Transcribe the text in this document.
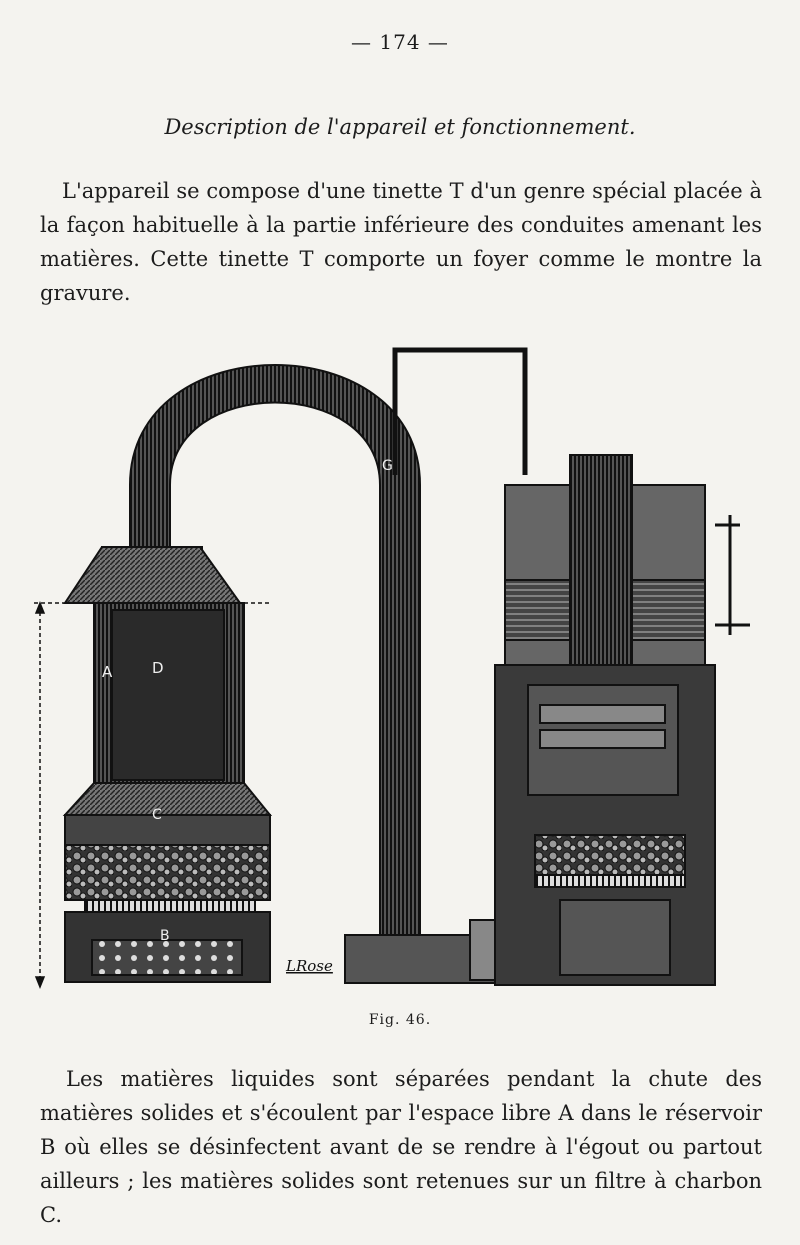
— 174 —
Description de l'appareil et fonctionnement.
L'appareil se compose d'une tinette T d'un genre spécial placée à la façon habituelle à la partie inférieure des conduites amenant les matières. Cette tinette T comporte un foyer comme le montre la gravure.
A	D
C
B
G
LRose
Fig. 46.
Les matières liquides sont séparées pendant la chute des matières solides et s'écoulent par l'espace libre A dans le réservoir B où elles se désinfectent avant de se rendre à l'égout ou partout ailleurs ; les matières solides sont retenues sur un filtre à charbon C.
